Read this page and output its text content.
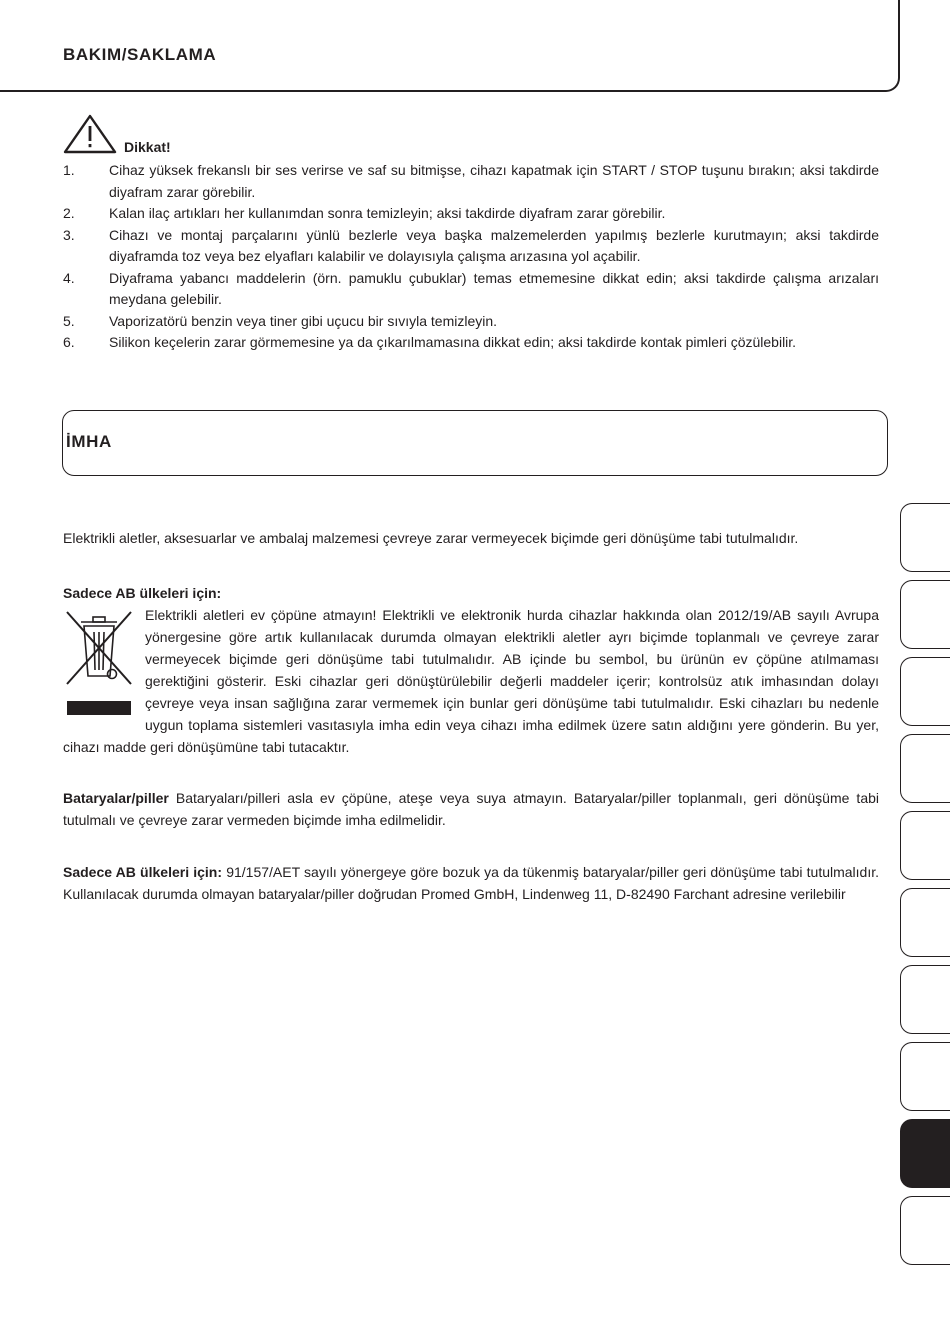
BAKIM/SAKLAMA
Dikkat!
1. Cihaz yüksek frekanslı bir ses verirse ve saf su bitmişse, cihazı kapatmak için START / STOP tuşunu bırakın; aksi takdirde diyafram zarar görebilir.
2. Kalan ilaç artıkları her kullanımdan sonra temizleyin; aksi takdirde diyafram zarar görebilir.
3. Cihazı ve montaj parçalarını yünlü bezlerle veya başka malzemelerden yapılmış bezlerle kurutmayın; aksi takdirde diyaframda toz veya bez elyafları kalabilir ve dolayısıyla çalışma arızasına yol açabilir.
4. Diyaframa yabancı maddelerin (örn. pamuklu çubuklar) temas etmemesine dikkat edin; aksi takdirde çalışma arızaları meydana gelebilir.
5. Vaporizatörü benzin veya tiner gibi uçucu bir sıvıyla temizleyin.
6. Silikon keçelerin zarar görmemesine ya da çıkarılmamasına dikkat edin; aksi takdirde kontak pimleri çözülebilir.
İMHA
Elektrikli aletler, aksesuarlar ve ambalaj malzemesi çevreye zarar vermeyecek biçimde geri dönüşüme tabi tutulmalıdır.
Sadece AB ülkeleri için:
Elektrikli aletleri ev çöpüne atmayın! Elektrikli ve elektronik hurda cihazlar hakkında olan 2012/19/AB sayılı Avrupa yönergesine göre artık kullanılacak durumda olmayan elektrikli aletler ayrı biçimde toplanmalı ve çevreye zarar vermeyecek biçimde geri dönüşüme tabi tutulmalıdır. AB içinde bu sembol, bu ürünün ev çöpüne atılmaması gerektiğini gösterir. Eski cihazlar geri dönüştürülebilir değerli maddeler içerir; kontrolsüz atık imhasından dolayı çevreye veya insan sağlığına zarar vermemek için bunlar geri dönüşüme tabi tutulmalıdır. Eski cihazları bu nedenle uygun toplama sistemleri vasıtasıyla imha edin veya cihazı imha edilmek üzere satın aldığını yere gönderin. Bu yer, cihazı madde geri dönüşümüne tabi tutacaktır.
Bataryalar/piller Bataryaları/pilleri asla ev çöpüne, ateşe veya suya atmayın. Bataryalar/piller toplanmalı, geri dönüşüme tabi tutulmalı ve çevreye zarar vermeden biçimde imha edilmelidir.
Sadece AB ülkeleri için: 91/157/AET sayılı yönergeye göre bozuk ya da tükenmiş bataryalar/piller geri dönüşüme tabi tutulmalıdır. Kullanılacak durumda olmayan bataryalar/piller doğrudan Promed GmbH, Lindenweg 11, D-82490 Farchant adresine verilebilir
